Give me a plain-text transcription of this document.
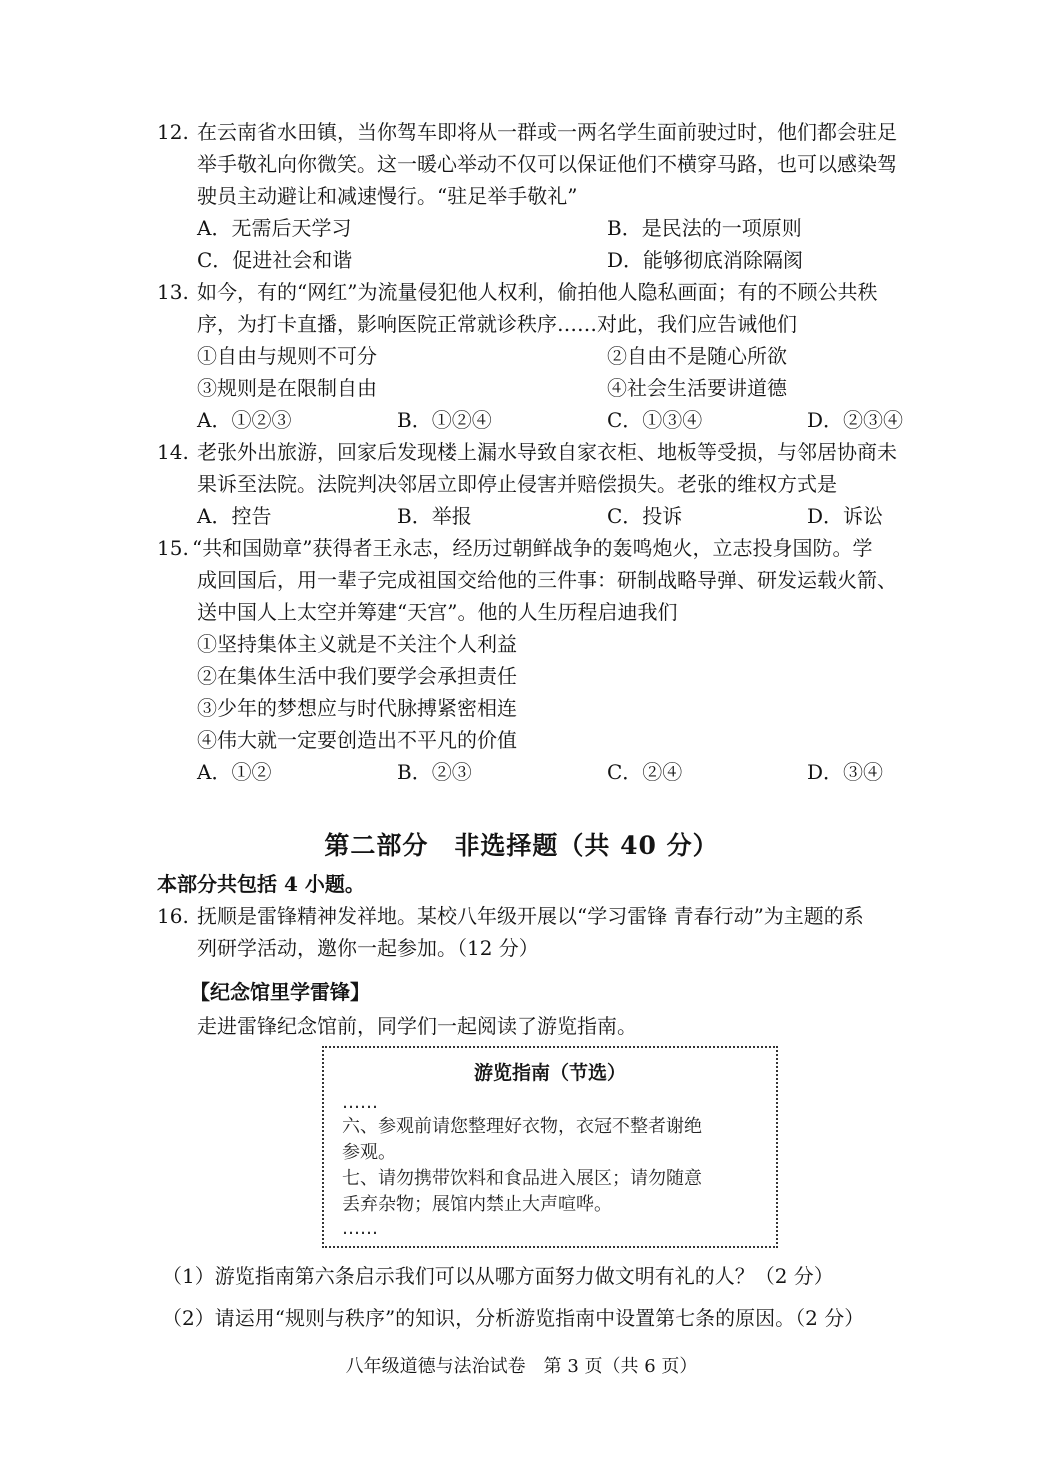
12. 在云南省水田镇，当你驾车即将从一群或一两名学生面前驶过时，他们都会驻足
举手敬礼向你微笑。这一暖心举动不仅可以保证他们不横穿马路，也可以感染驾
驶员主动避让和减速慢行。“驻足举手敬礼”
A．无需后天学习	B．是民法的一项原则
C．促进社会和谐	D．能够彻底消除隔阂
13. 如今，有的“网红”为流量侵犯他人权利，偷拍他人隐私画面；有的不顾公共秩
序，为打卡直播，影响医院正常就诊秩序……对此，我们应告诫他们
①自由与规则不可分	②自由不是随心所欲
③规则是在限制自由	④社会生活要讲道德
A．①②③	B．①②④	C．①③④	D．②③④
14. 老张外出旅游，回家后发现楼上漏水导致自家衣柜、地板等受损，与邻居协商未
果诉至法院。法院判决邻居立即停止侵害并赔偿损失。老张的维权方式是
A．控告	B．举报	C．投诉	D．诉讼
15. “共和国勋章”获得者王永志，经历过朝鲜战争的轰鸣炮火，立志投身国防。学
成回国后，用一辈子完成祖国交给他的三件事：研制战略导弹、研发运载火箭、
送中国人上太空并筹建“天宫”。他的人生历程启迪我们
①坚持集体主义就是不关注个人利益
②在集体生活中我们要学会承担责任
③少年的梦想应与时代脉搏紧密相连
④伟大就一定要创造出不平凡的价值
A．①②	B．②③	C．②④	D．③④
第二部分　非选择题（共 40 分）
本部分共包括 4 小题。
16. 抚顺是雷锋精神发祥地。某校八年级开展以“学习雷锋 青春行动”为主题的系
列研学活动，邀你一起参加。（12 分）
【纪念馆里学雷锋】
走进雷锋纪念馆前，同学们一起阅读了游览指南。
游览指南（节选）
……
六、参观前请您整理好衣物，衣冠不整者谢绝
参观。
七、请勿携带饮料和食品进入展区；请勿随意
丢弃杂物；展馆内禁止大声喧哗。
……
（1）游览指南第六条启示我们可以从哪方面努力做文明有礼的人？（2 分）
（2）请运用“规则与秩序”的知识，分析游览指南中设置第七条的原因。（2 分）
八年级道德与法治试卷　第 3 页（共 6 页）
